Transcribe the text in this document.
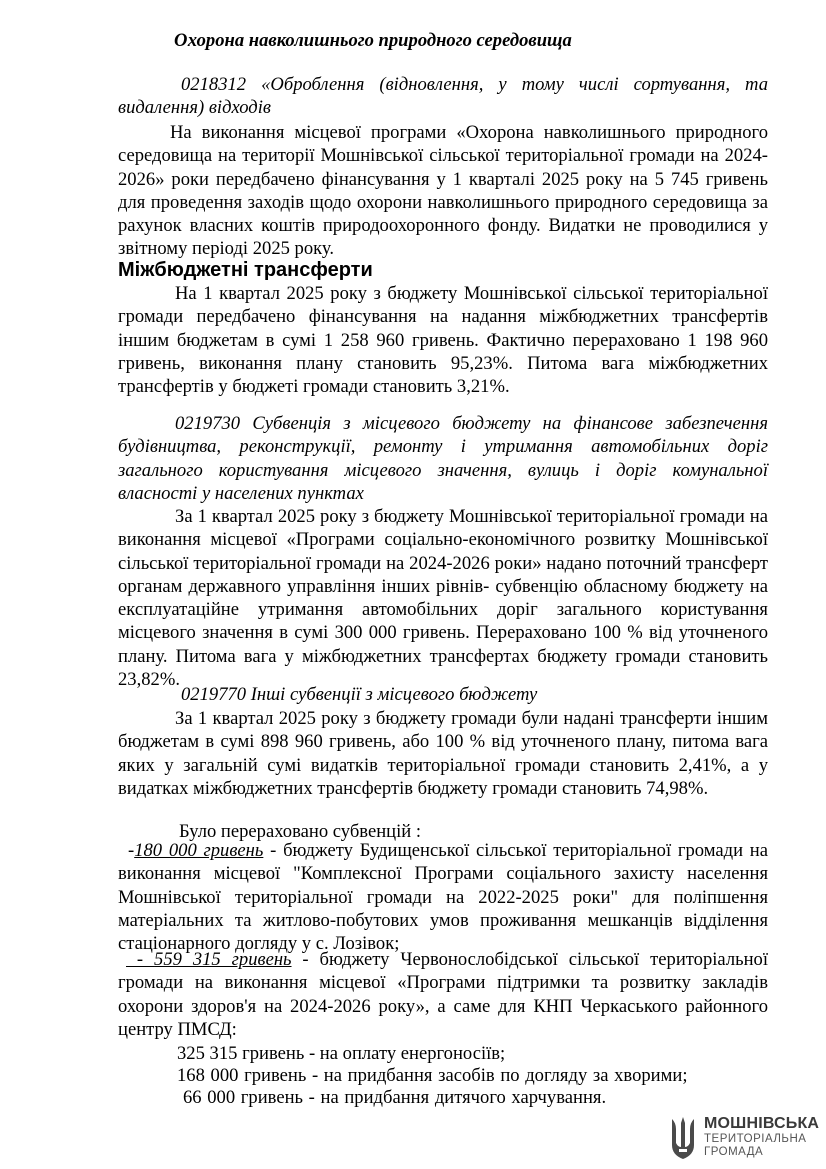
Охорона навколишнього природного середовища

0218312 «Оброблення (відновлення, у тому числі сортування, та видалення) відходів

На виконання місцевої програми «Охорона навколишнього природного середовища на території Мошнівської сільської територіальної громади на 2024-2026» роки передбачено фінансування у 1 кварталі 2025 року на 5 745 гривень для проведення заходів щодо охорони навколишнього природного середовища за рахунок власних коштів природоохоронного фонду. Видатки не проводилися у звітному періоді 2025 року.

Міжбюджетні трансферти

На 1 квартал 2025 року з бюджету Мошнівської сільської територіальної громади передбачено фінансування на надання міжбюджетних трансфертів іншим бюджетам в сумі 1 258 960 гривень. Фактично перераховано 1 198 960 гривень, виконання плану становить 95,23%. Питома вага міжбюджетних трансфертів у бюджеті громади становить 3,21%.

0219730 Субвенція з місцевого бюджету на фінансове забезпечення будівництва, реконструкції, ремонту і утримання автомобільних доріг загального користування місцевого значення, вулиць і доріг комунальної власності у населених пунктах

За 1 квартал 2025 року з бюджету Мошнівської територіальної громади на виконання місцевої «Програми соціально-економічного розвитку Мошнівської сільської територіальної громади на 2024-2026 роки» надано поточний трансферт органам державного управління інших рівнів- субвенцію обласному бюджету на експлуатаційне утримання автомобільних доріг загального користування місцевого значення в сумі 300 000 гривень. Перераховано 100 % від уточненого плану. Питома вага у міжбюджетних трансфертах бюджету громади становить 23,82%.

0219770 Інші субвенції з місцевого бюджету

За 1 квартал 2025 року з бюджету громади були надані трансферти іншим бюджетам в сумі 898 960 гривень, або 100 % від уточненого плану, питома вага яких у загальній сумі видатків територіальної громади становить 2,41%, а у видатках міжбюджетних трансфертів бюджету громади становить 74,98%.

Було перераховано субвенцій :

-180 000 гривень - бюджету Будищенської сільської територіальної громади на виконання місцевої "Комплексної Програми соціального захисту населення Мошнівської територіальної громади на 2022-2025 роки" для поліпшення матеріальних та житлово-побутових умов проживання мешканців відділення стаціонарного догляду у с. Лозівок;

- 559 315 гривень - бюджету Червонослобідської сільської територіальної громади на виконання місцевої «Програми підтримки та розвитку закладів охорони здоров'я на 2024-2026 року», а саме для КНП Черкаського районного центру ПМСД:

325 315 гривень - на оплату енергоносіїв;

168 000 гривень - на придбання засобів по догляду за хворими;

66 000 гривень - на придбання дитячого харчування.

МОШНІВСЬКА
ТЕРИТОРІАЛЬНА
ГРОМАДА
